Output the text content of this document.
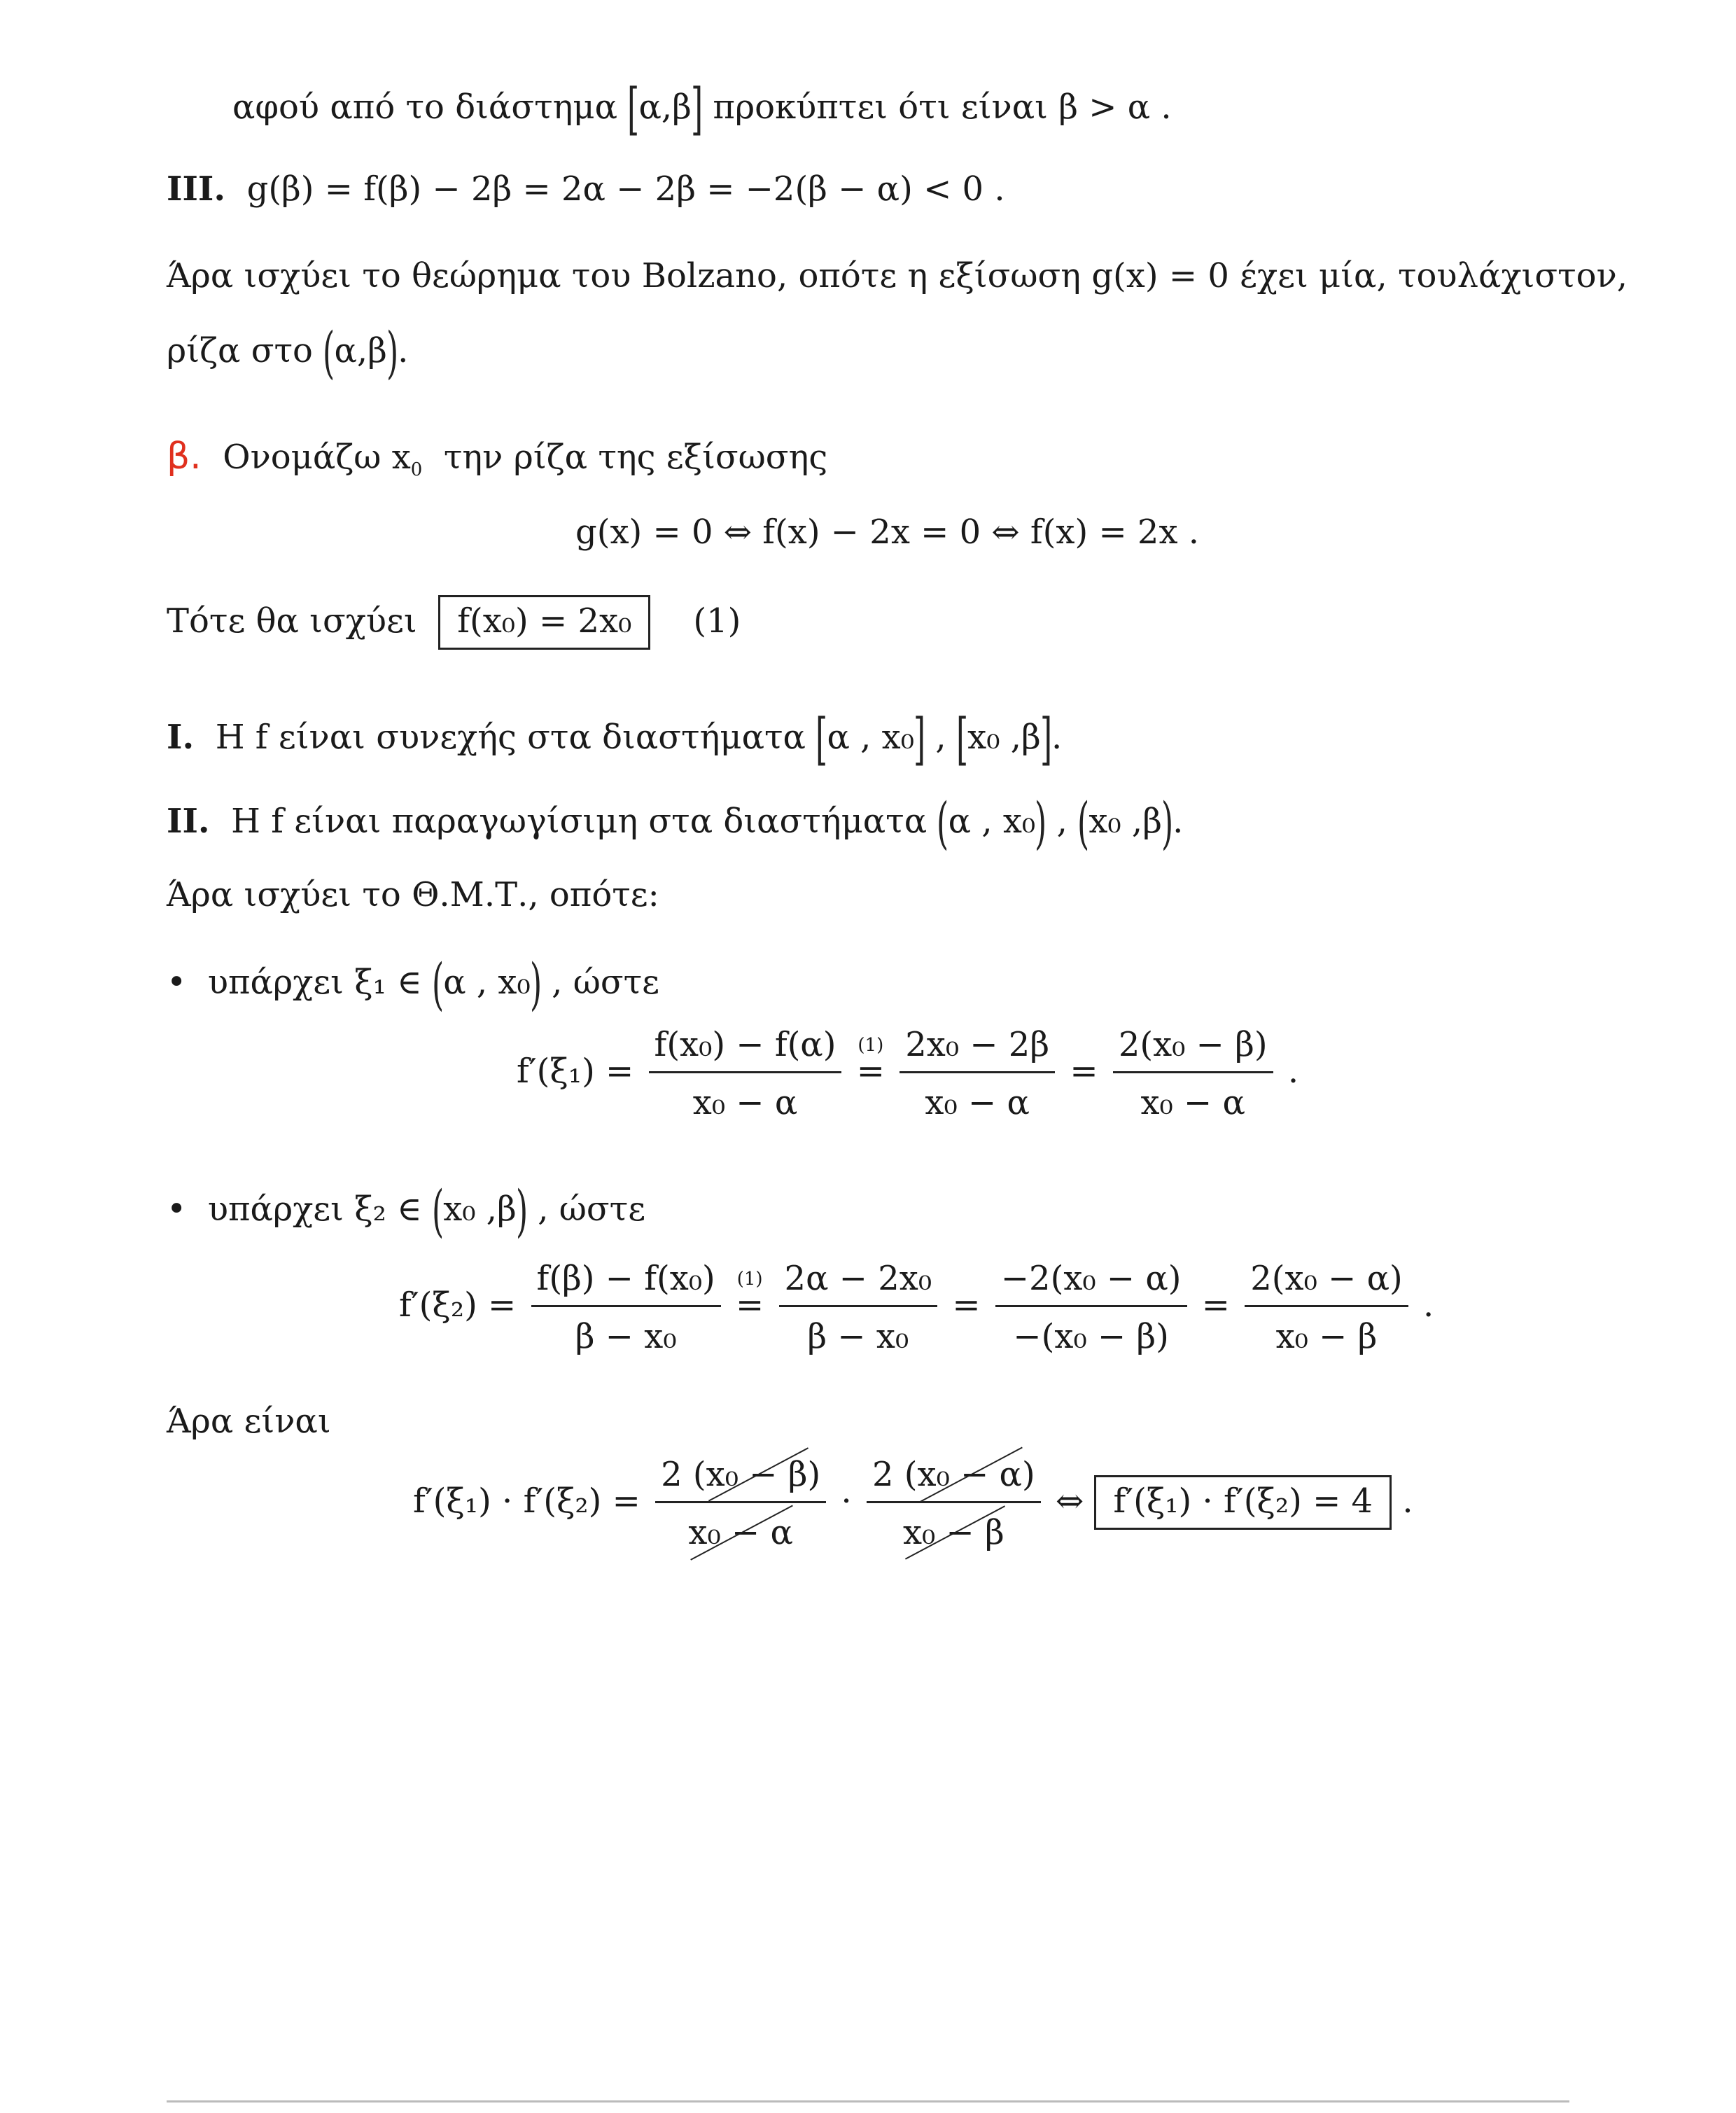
αφού από το διάστημα [α,β] προκύπτει ότι είναι β > α .
III. g(β) = f(β) − 2β = 2α − 2β = −2(β − α) < 0 .
Άρα ισχύει το θεώρημα του Bolzano, οπότε η εξίσωση g(x) = 0 έχει μία, τουλάχιστον,
ρίζα στο (α,β).
β. Ονομάζω $x_0$ την ρίζα της εξίσωσης
g(x) = 0 ⇔ f(x) − 2x = 0 ⇔ f(x) = 2x .
Τότε θα ισχύει f(x₀) = 2x₀ (1)
I. Η f είναι συνεχής στα διαστήματα [α , x₀] , [x₀ ,β].
II. Η f είναι παραγωγίσιμη στα διαστήματα (α , x₀) , (x₀ ,β).
Άρα ισχύει το Θ.Μ.Τ., οπότε:
• υπάρχει ξ₁ ∈ (α , x₀) , ώστε
$f'(\xi_1) = \frac{\text{f(x₀) − f(α)}}{\text{x₀ − α}}$
(1)
= $\frac{\text{2x₀ − 2β}}{\text{x₀ − α}} = \frac{\text{2(x₀ − β)}}{\text{x₀ − α}}$ .
• υπάρχει ξ₂ ∈ (x₀ ,β) , ώστε
$f'(\xi_2) = \frac{\text{f(β) − f(x₀)}}{\text{β − x₀}}$
(1)
= $\frac{\text{2α − 2x₀}}{\text{β − x₀}} = \frac{\text{−2(x₀ − α)}}{\text{−(x₀ − β)}} = \frac{\text{2(x₀ − α)}}{\text{x₀ − β}}$ .
Άρα είναι
$f'(\xi_1) \cdot f'(\xi_2) = \frac{\text{2 (x₀ − β)}}{\text{x₀ − α}} \cdot \frac{\text{2 (x₀ − α)}}{\text{x₀ − β}}$ ⇔ f′(ξ₁) · f′(ξ₂) = 4 .
